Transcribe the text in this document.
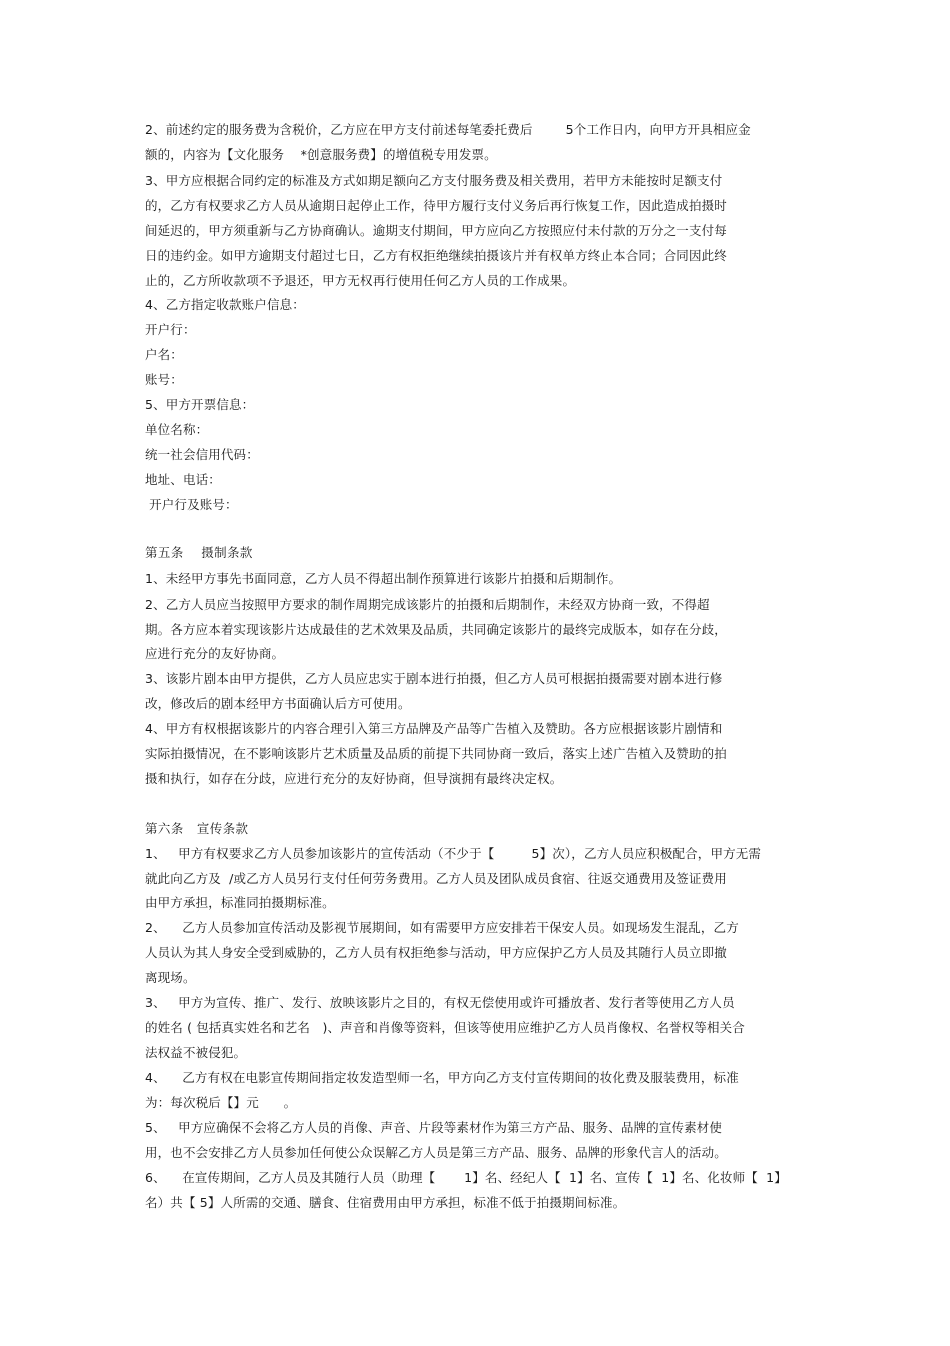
2、前述约定的服务费为含税价，乙方应在甲方支付前述每笔委托费后        5个工作日内，向甲方开具相应金
额的，内容为【文化服务    *创意服务费】的增值税专用发票。
3、甲方应根据合同约定的标准及方式如期足额向乙方支付服务费及相关费用，若甲方未能按时足额支付
的，乙方有权要求乙方人员从逾期日起停止工作，待甲方履行支付义务后再行恢复工作，因此造成拍摄时
间延迟的，甲方须重新与乙方协商确认。逾期支付期间，甲方应向乙方按照应付未付款的万分之一支付每
日的违约金。如甲方逾期支付超过七日，乙方有权拒绝继续拍摄该片并有权单方终止本合同；合同因此终
止的，乙方所收款项不予退还，甲方无权再行使用任何乙方人员的工作成果。
4、乙方指定收款账户信息：
开户行：
户名：
账号：
5、甲方开票信息：
单位名称：
统一社会信用代码：
地址、电话：
开户行及账号：
第五条    摄制条款
1、未经甲方事先书面同意，乙方人员不得超出制作预算进行该影片拍摄和后期制作。
2、乙方人员应当按照甲方要求的制作周期完成该影片的拍摄和后期制作，未经双方协商一致，不得超
期。各方应本着实现该影片达成最佳的艺术效果及品质，共同确定该影片的最终完成版本，如存在分歧，
应进行充分的友好协商。
3、该影片剧本由甲方提供，乙方人员应忠实于剧本进行拍摄，但乙方人员可根据拍摄需要对剧本进行修
改，修改后的剧本经甲方书面确认后方可使用。
4、甲方有权根据该影片的内容合理引入第三方品牌及产品等广告植入及赞助。各方应根据该影片剧情和
实际拍摄情况，在不影响该影片艺术质量及品质的前提下共同协商一致后，落实上述广告植入及赞助的拍
摄和执行，如存在分歧，应进行充分的友好协商，但导演拥有最终决定权。
第六条   宣传条款
1、   甲方有权要求乙方人员参加该影片的宣传活动（不少于【         5】次），乙方人员应积极配合，甲方无需
就此向乙方及  /或乙方人员另行支付任何劳务费用。乙方人员及团队成员食宿、往返交通费用及签证费用
由甲方承担，标准同拍摄期标准。
2、    乙方人员参加宣传活动及影视节展期间，如有需要甲方应安排若干保安人员。如现场发生混乱，乙方
人员认为其人身安全受到威胁的，乙方人员有权拒绝参与活动，甲方应保护乙方人员及其随行人员立即撤
离现场。
3、   甲方为宣传、推广、发行、放映该影片之目的，有权无偿使用或许可播放者、发行者等使用乙方人员
的姓名 ( 包括真实姓名和艺名   )、声音和肖像等资料，但该等使用应维护乙方人员肖像权、名誉权等相关合
法权益不被侵犯。
4、    乙方有权在电影宣传期间指定妆发造型师一名，甲方向乙方支付宣传期间的妆化费及服装费用，标准
为：每次税后【】元      。
5、   甲方应确保不会将乙方人员的肖像、声音、片段等素材作为第三方产品、服务、品牌的宣传素材使
用，也不会安排乙方人员参加任何使公众误解乙方人员是第三方产品、服务、品牌的形象代言人的活动。
6、    在宣传期间，乙方人员及其随行人员（助理【       1】名、经纪人【  1】名、宣传【  1】名、化妆师【  1】
名）共【 5】人所需的交通、膳食、住宿费用由甲方承担，标准不低于拍摄期间标准。
